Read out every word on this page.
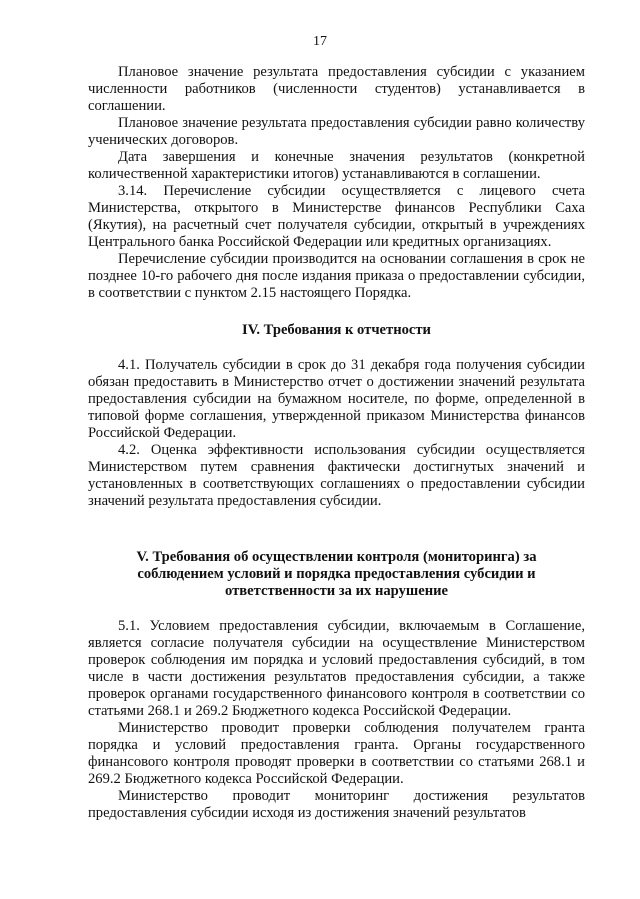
17

Плановое значение результата предоставления субсидии с указанием численности работников (численности студентов) устанавливается в соглашении.

Плановое значение результата предоставления субсидии равно количеству ученических договоров.

Дата завершения и конечные значения результатов (конкретной количественной характеристики итогов) устанавливаются в соглашении.

3.14. Перечисление субсидии осуществляется с лицевого счета Министерства, открытого в Министерстве финансов Республики Саха (Якутия), на расчетный счет получателя субсидии, открытый в учреждениях Центрального банка Российской Федерации или кредитных организациях.

Перечисление субсидии производится на основании соглашения в срок не позднее 10-го рабочего дня после издания приказа о предоставлении субсидии, в соответствии с пунктом 2.15 настоящего Порядка.

IV. Требования к отчетности

4.1. Получатель субсидии в срок до 31 декабря года получения субсидии обязан предоставить в Министерство отчет о достижении значений результата предоставления субсидии на бумажном носителе, по форме, определенной в типовой форме соглашения, утвержденной приказом Министерства финансов Российской Федерации.

4.2. Оценка эффективности использования субсидии осуществляется Министерством путем сравнения фактически достигнутых значений и установленных в соответствующих соглашениях о предоставлении субсидии значений результата предоставления субсидии.

V. Требования об осуществлении контроля (мониторинга) за

соблюдением условий и порядка предоставления субсидии и

ответственности за их нарушение

5.1. Условием предоставления субсидии, включаемым в Соглашение, является согласие получателя субсидии на осуществление Министерством проверок соблюдения им порядка и условий предоставления субсидий, в том числе в части достижения результатов предоставления субсидии, а также проверок органами государственного финансового контроля в соответствии со статьями 268.1 и 269.2 Бюджетного кодекса Российской Федерации.

Министерство проводит проверки соблюдения получателем гранта порядка и условий предоставления гранта. Органы государственного финансового контроля проводят проверки в соответствии со статьями 268.1 и 269.2 Бюджетного кодекса Российской Федерации.

Министерство проводит мониторинг достижения результатов предоставления субсидии исходя из достижения значений результатов
